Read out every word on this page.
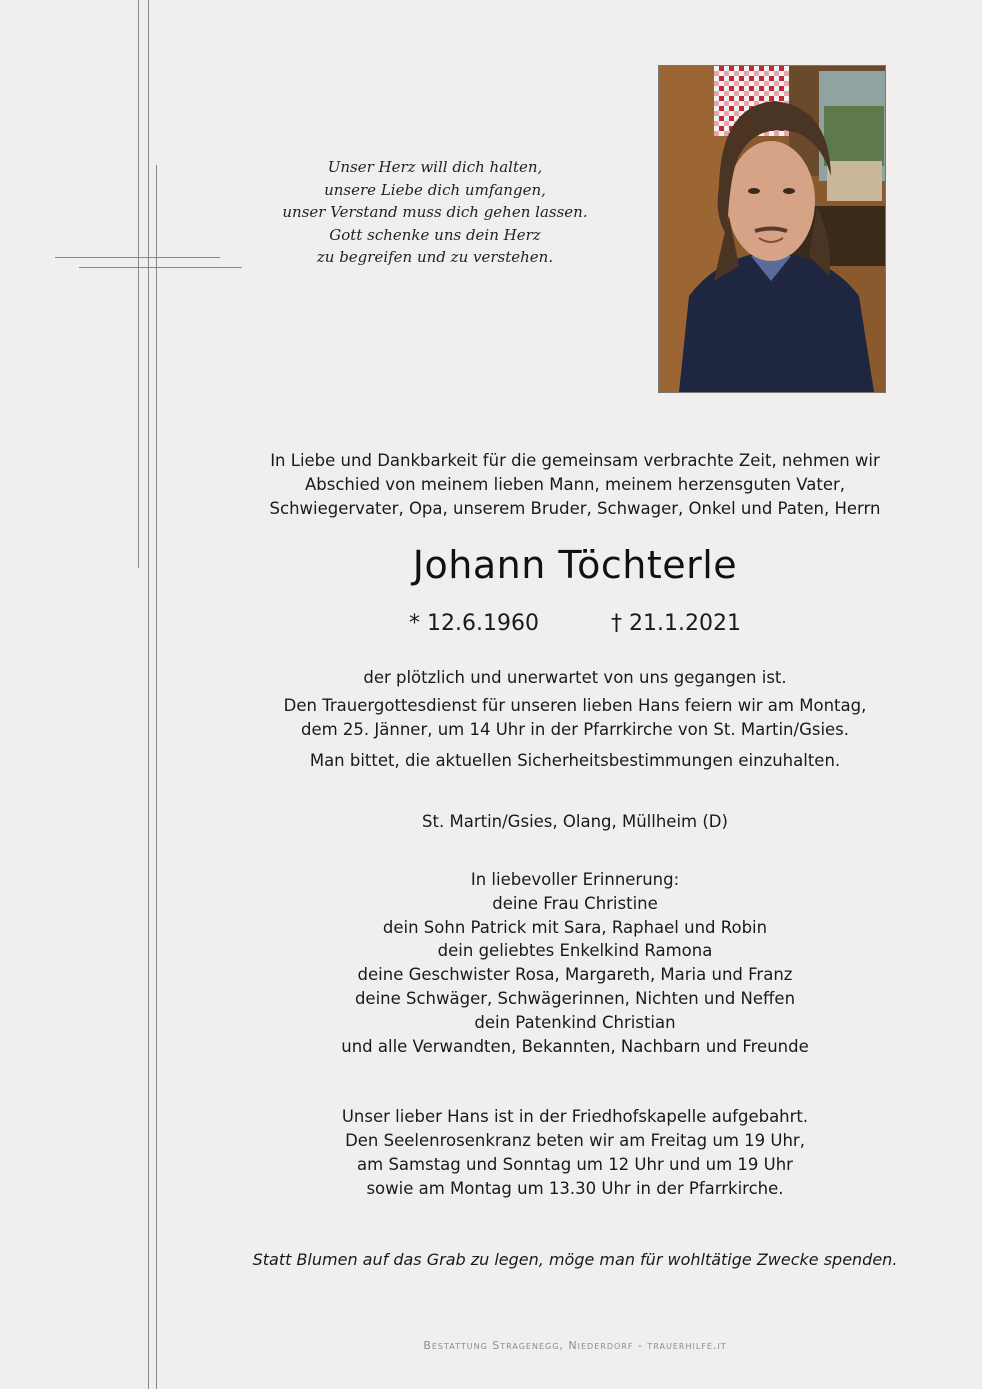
Unser Herz will dich halten,
unsere Liebe dich umfangen,
unser Verstand muss dich gehen lassen.
Gott schenke uns dein Herz
zu begreifen und zu verstehen.
In Liebe und Dankbarkeit für die gemeinsam verbrachte Zeit, nehmen wir
Abschied von meinem lieben Mann, meinem herzensguten Vater,
Schwiegervater, Opa, unserem Bruder, Schwager, Onkel und Paten, Herrn
Johann Töchterle
* 12.6.1960	† 21.1.2021
der plötzlich und unerwartet von uns gegangen ist.
Den Trauergottesdienst für unseren lieben Hans feiern wir am Montag,
dem 25. Jänner, um 14 Uhr in der Pfarrkirche von St. Martin/Gsies.
Man bittet, die aktuellen Sicherheitsbestimmungen einzuhalten.
St. Martin/Gsies, Olang, Müllheim (D)
In liebevoller Erinnerung:
deine Frau Christine
dein Sohn Patrick mit Sara, Raphael und Robin
dein geliebtes Enkelkind Ramona
deine Geschwister Rosa, Margareth, Maria und Franz
deine Schwäger, Schwägerinnen, Nichten und Neffen
dein Patenkind Christian
und alle Verwandten, Bekannten, Nachbarn und Freunde
Unser lieber Hans ist in der Friedhofskapelle aufgebahrt.
Den Seelenrosenkranz beten wir am Freitag um 19 Uhr,
am Samstag und Sonntag um 12 Uhr und um 19 Uhr
sowie am Montag um 13.30 Uhr in der Pfarrkirche.
Statt Blumen auf das Grab zu legen, möge man für wohltätige Zwecke spenden.
Bestattung Stragenegg, Niederdorf - trauerhilfe.it
